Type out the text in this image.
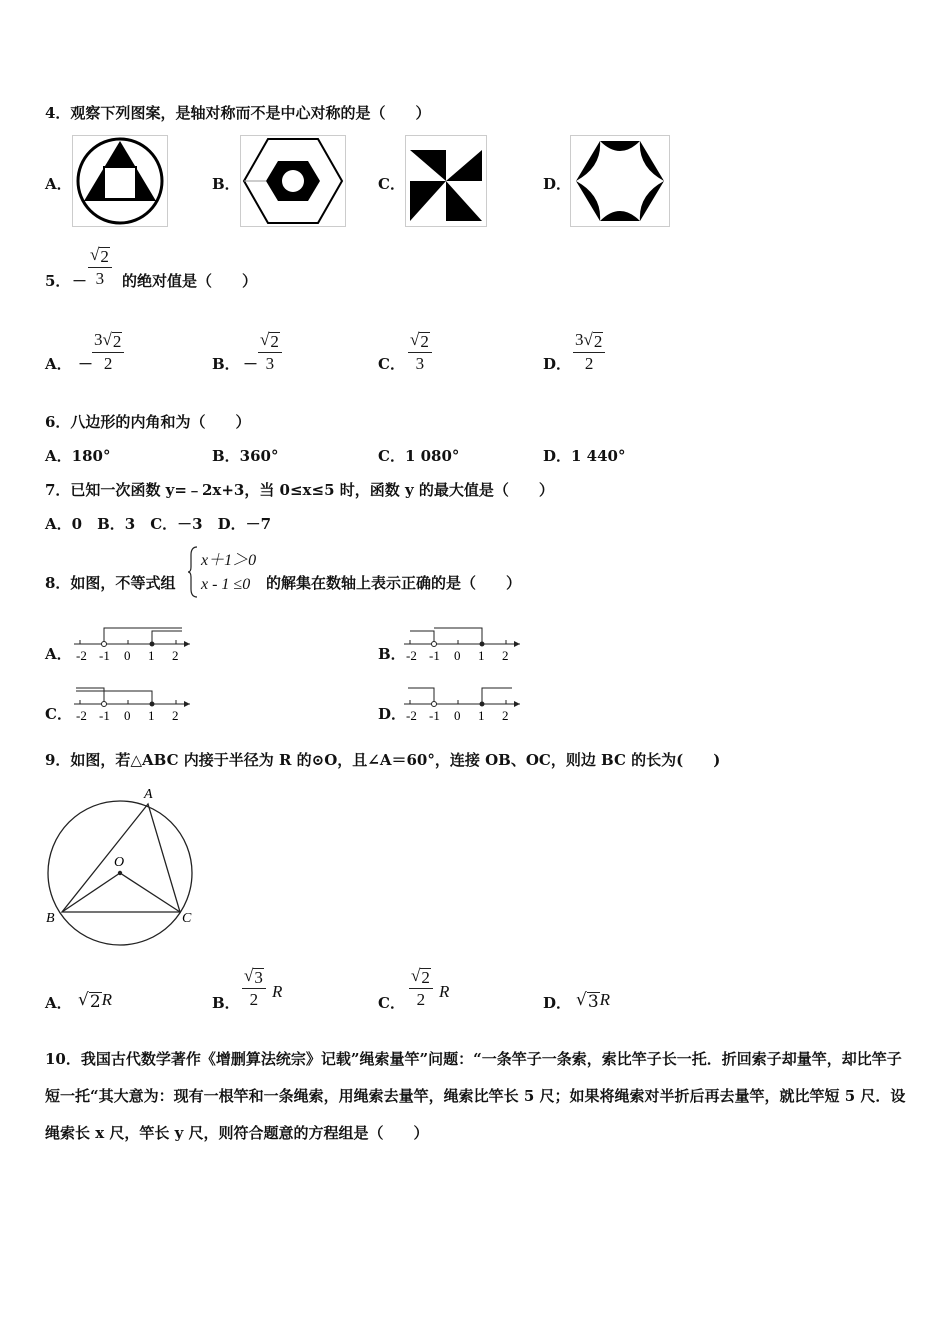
4．观察下列图案，是轴对称而不是中心对称的是（　　）
A．	B．	C．	D．
5． － $\frac{√ 2}{3}$ 的绝对值是（　　）
A． －
$\frac{3 √ 2}{2}$	B． － $\frac{√ 2}{3}$	C． $\frac{√ 2}{3}$	D． $\frac{3 √ 2}{2}$
6．八边形的内角和为（　　）
A．180°	B．360°	C．1 080°	D．1 440°
7．已知一次函数 y=﹣2x+3，当 0≤x≤5 时，函数 y 的最大值是（　　）
A．0　B．3　C．－3　D．－7
8．如图，不等式组
x＋1＞0
x - 1 ≤0 的解集在数轴上表示正确的是（　　）
A． -2 -1 0 1 2	B． -2 -1 0 1 2
C． -2 -1 0 1 2	D． -2 -1 0 1 2
9．如图，若△ABC 内接于半径为 R 的⊙O，且∠A＝60°，连接 OB、OC，则边 BC 的长为(　　)
A
O
B	C
A． √ 2 R	B． $\frac{√ 3}{2}$ R
C． $\frac{√ 2}{2}$ R
D． √ 3 R
10．我国古代数学著作《增删算法统宗》记载”绳索量竿”问题：“一条竿子一条索，索比竿子长一托．折回索子却量竿，却比竿子短一托“其大意为：现有一根竿和一条绳索，用绳索去量竿，绳索比竿长 5 尺；如果将绳索对半折后再去量竿，就比竿短 5 尺．设绳索长 x 尺，竿长 y 尺，则符合题意的方程组是（　　）
